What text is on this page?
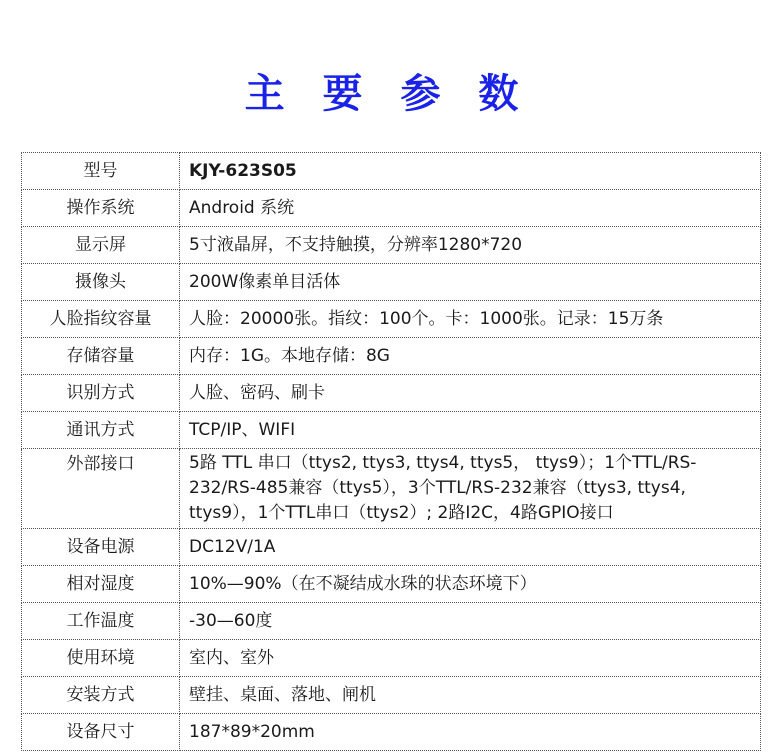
主 要 参 数
型号	KJY-623S05
操作系统	Android 系统
显示屏	5寸液晶屏，不支持触摸，分辨率1280*720
摄像头	200W像素单目活体
人脸指纹容量	人脸：20000张。指纹：100个。卡：1000张。记录：15万条
存储容量	内存：1G。本地存储：8G
识别方式	人脸、密码、刷卡
通讯方式	TCP/IP、WIFI
外部接口	5路 TTL 串口（ttys2, ttys3, ttys4, ttys5， ttys9）；1个TTL/RS-232/RS-485兼容（ttys5），3个TTL/RS-232兼容（ttys3, ttys4, ttys9），1个TTL串口（ttys2）; 2路I2C，4路GPIO接口
设备电源	DC12V/1A
相对湿度	10%—90%（在不凝结成水珠的状态环境下）
工作温度	-30—60度
使用环境	室内、室外
安装方式	壁挂、桌面、落地、闸机
设备尺寸	187*89*20mm
